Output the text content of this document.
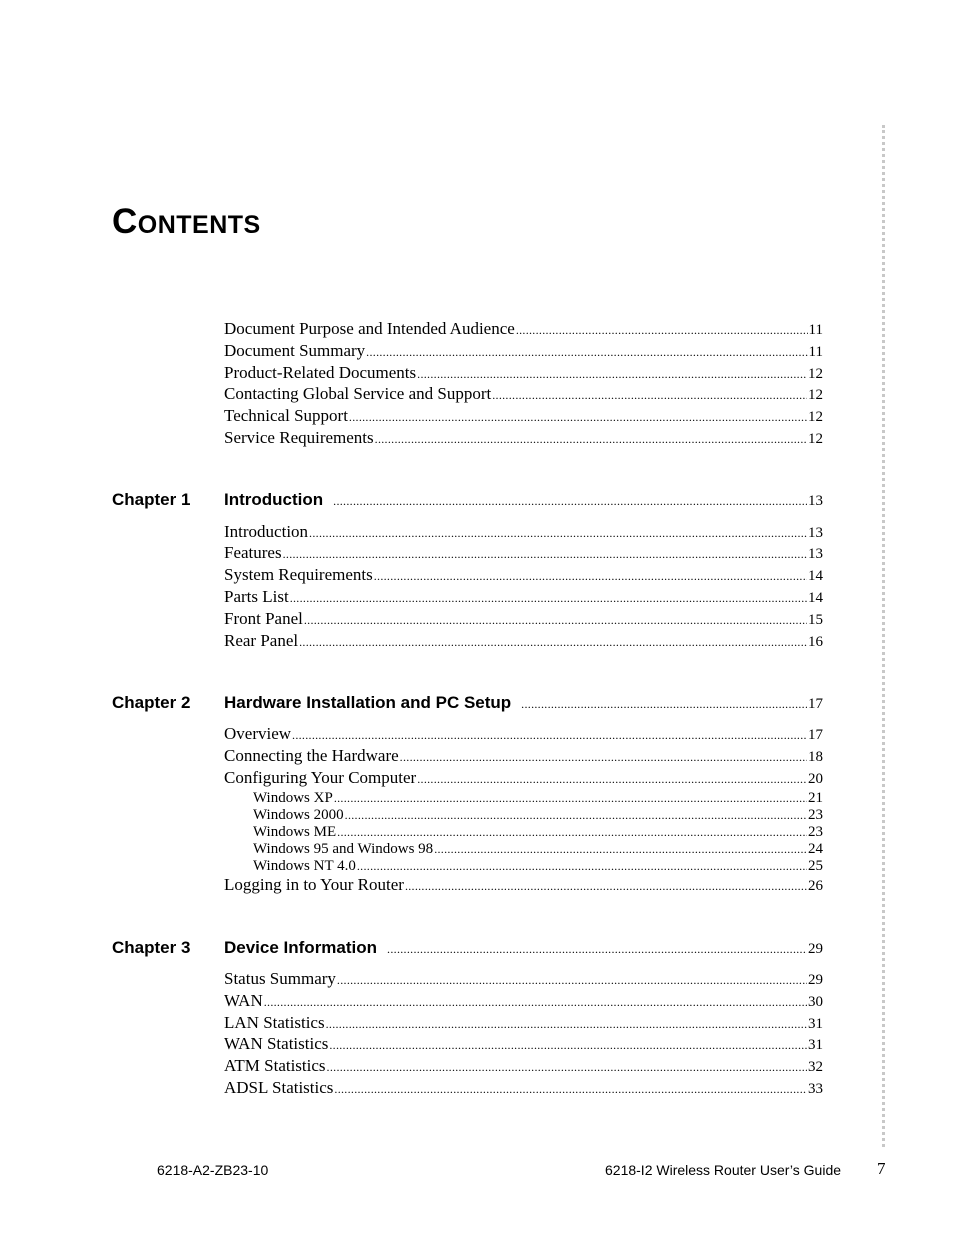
Contents
Document Purpose and Intended Audience .....	11
Document Summary .....	11
Product-Related Documents .....	12
Contacting Global Service and Support .....	12
Technical Support .....	12
Service Requirements .....	12
Chapter 1	Introduction .....	13
Introduction .....	13
Features .....	13
System Requirements .....	14
Parts List .....	14
Front Panel .....	15
Rear Panel .....	16
Chapter 2	Hardware Installation and PC Setup .....	17
Overview .....	17
Connecting the Hardware .....	18
Configuring Your Computer .....	20
Windows XP .....	21
Windows 2000 .....	23
Windows ME .....	23
Windows 95 and Windows 98 .....	24
Windows NT 4.0 .....	25
Logging in to Your Router .....	26
Chapter 3	Device Information .....	29
Status Summary .....	29
WAN .....	30
LAN Statistics .....	31
WAN Statistics .....	31
ATM Statistics .....	32
ADSL Statistics .....	33
6218-A2-ZB23-10	6218-I2 Wireless Router User’s Guide 7
